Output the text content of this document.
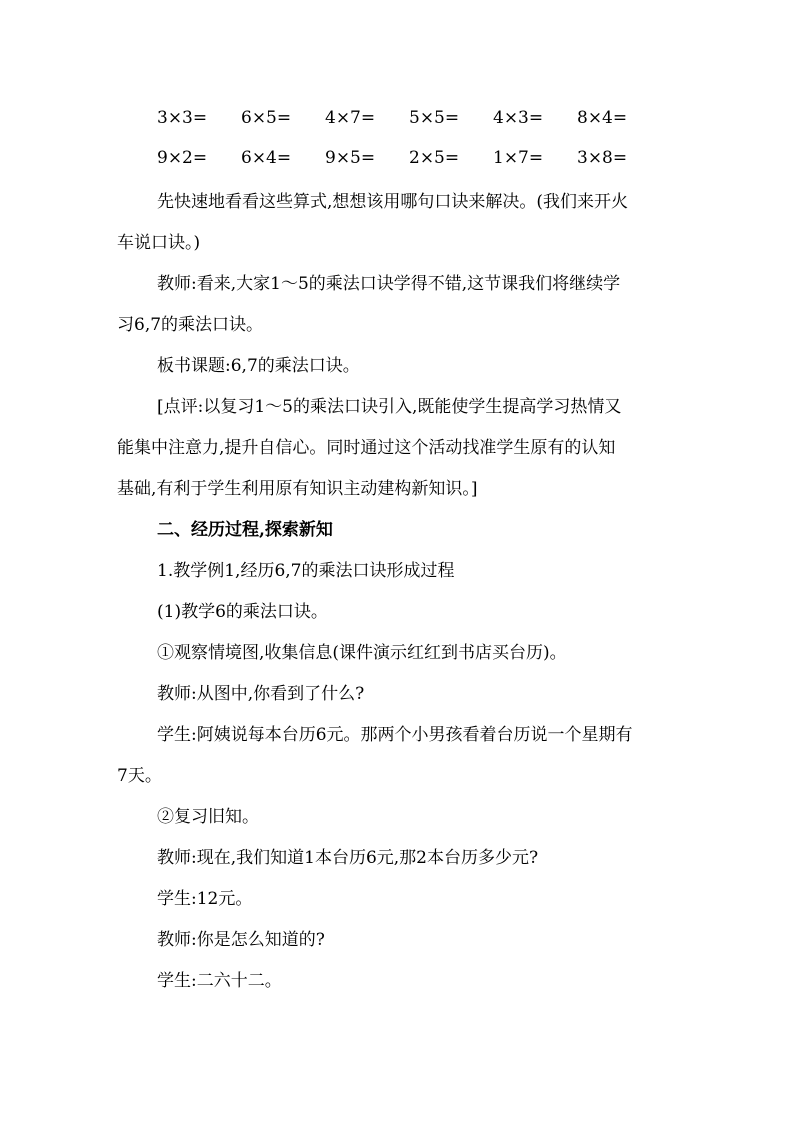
3×3= 6×5= 4×7= 5×5= 4×3= 8×4=
9×2= 6×4= 9×5= 2×5= 1×7= 3×8=
先快速地看看这些算式,想想该用哪句口诀来解决。(我们来开火
车说口诀。)
教师:看来,大家1～5的乘法口诀学得不错,这节课我们将继续学
习6,7的乘法口诀。
板书课题:6,7的乘法口诀。
[点评:以复习1～5的乘法口诀引入,既能使学生提高学习热情又
能集中注意力,提升自信心。同时通过这个活动找准学生原有的认知
基础,有利于学生利用原有知识主动建构新知识。]
二、经历过程,探索新知
1.教学例1,经历6,7的乘法口诀形成过程
(1)教学6的乘法口诀。
①观察情境图,收集信息(课件演示红红到书店买台历)。
教师:从图中,你看到了什么?
学生:阿姨说每本台历6元。那两个小男孩看着台历说一个星期有
7天。
②复习旧知。
教师:现在,我们知道1本台历6元,那2本台历多少元?
学生:12元。
教师:你是怎么知道的?
学生:二六十二。
